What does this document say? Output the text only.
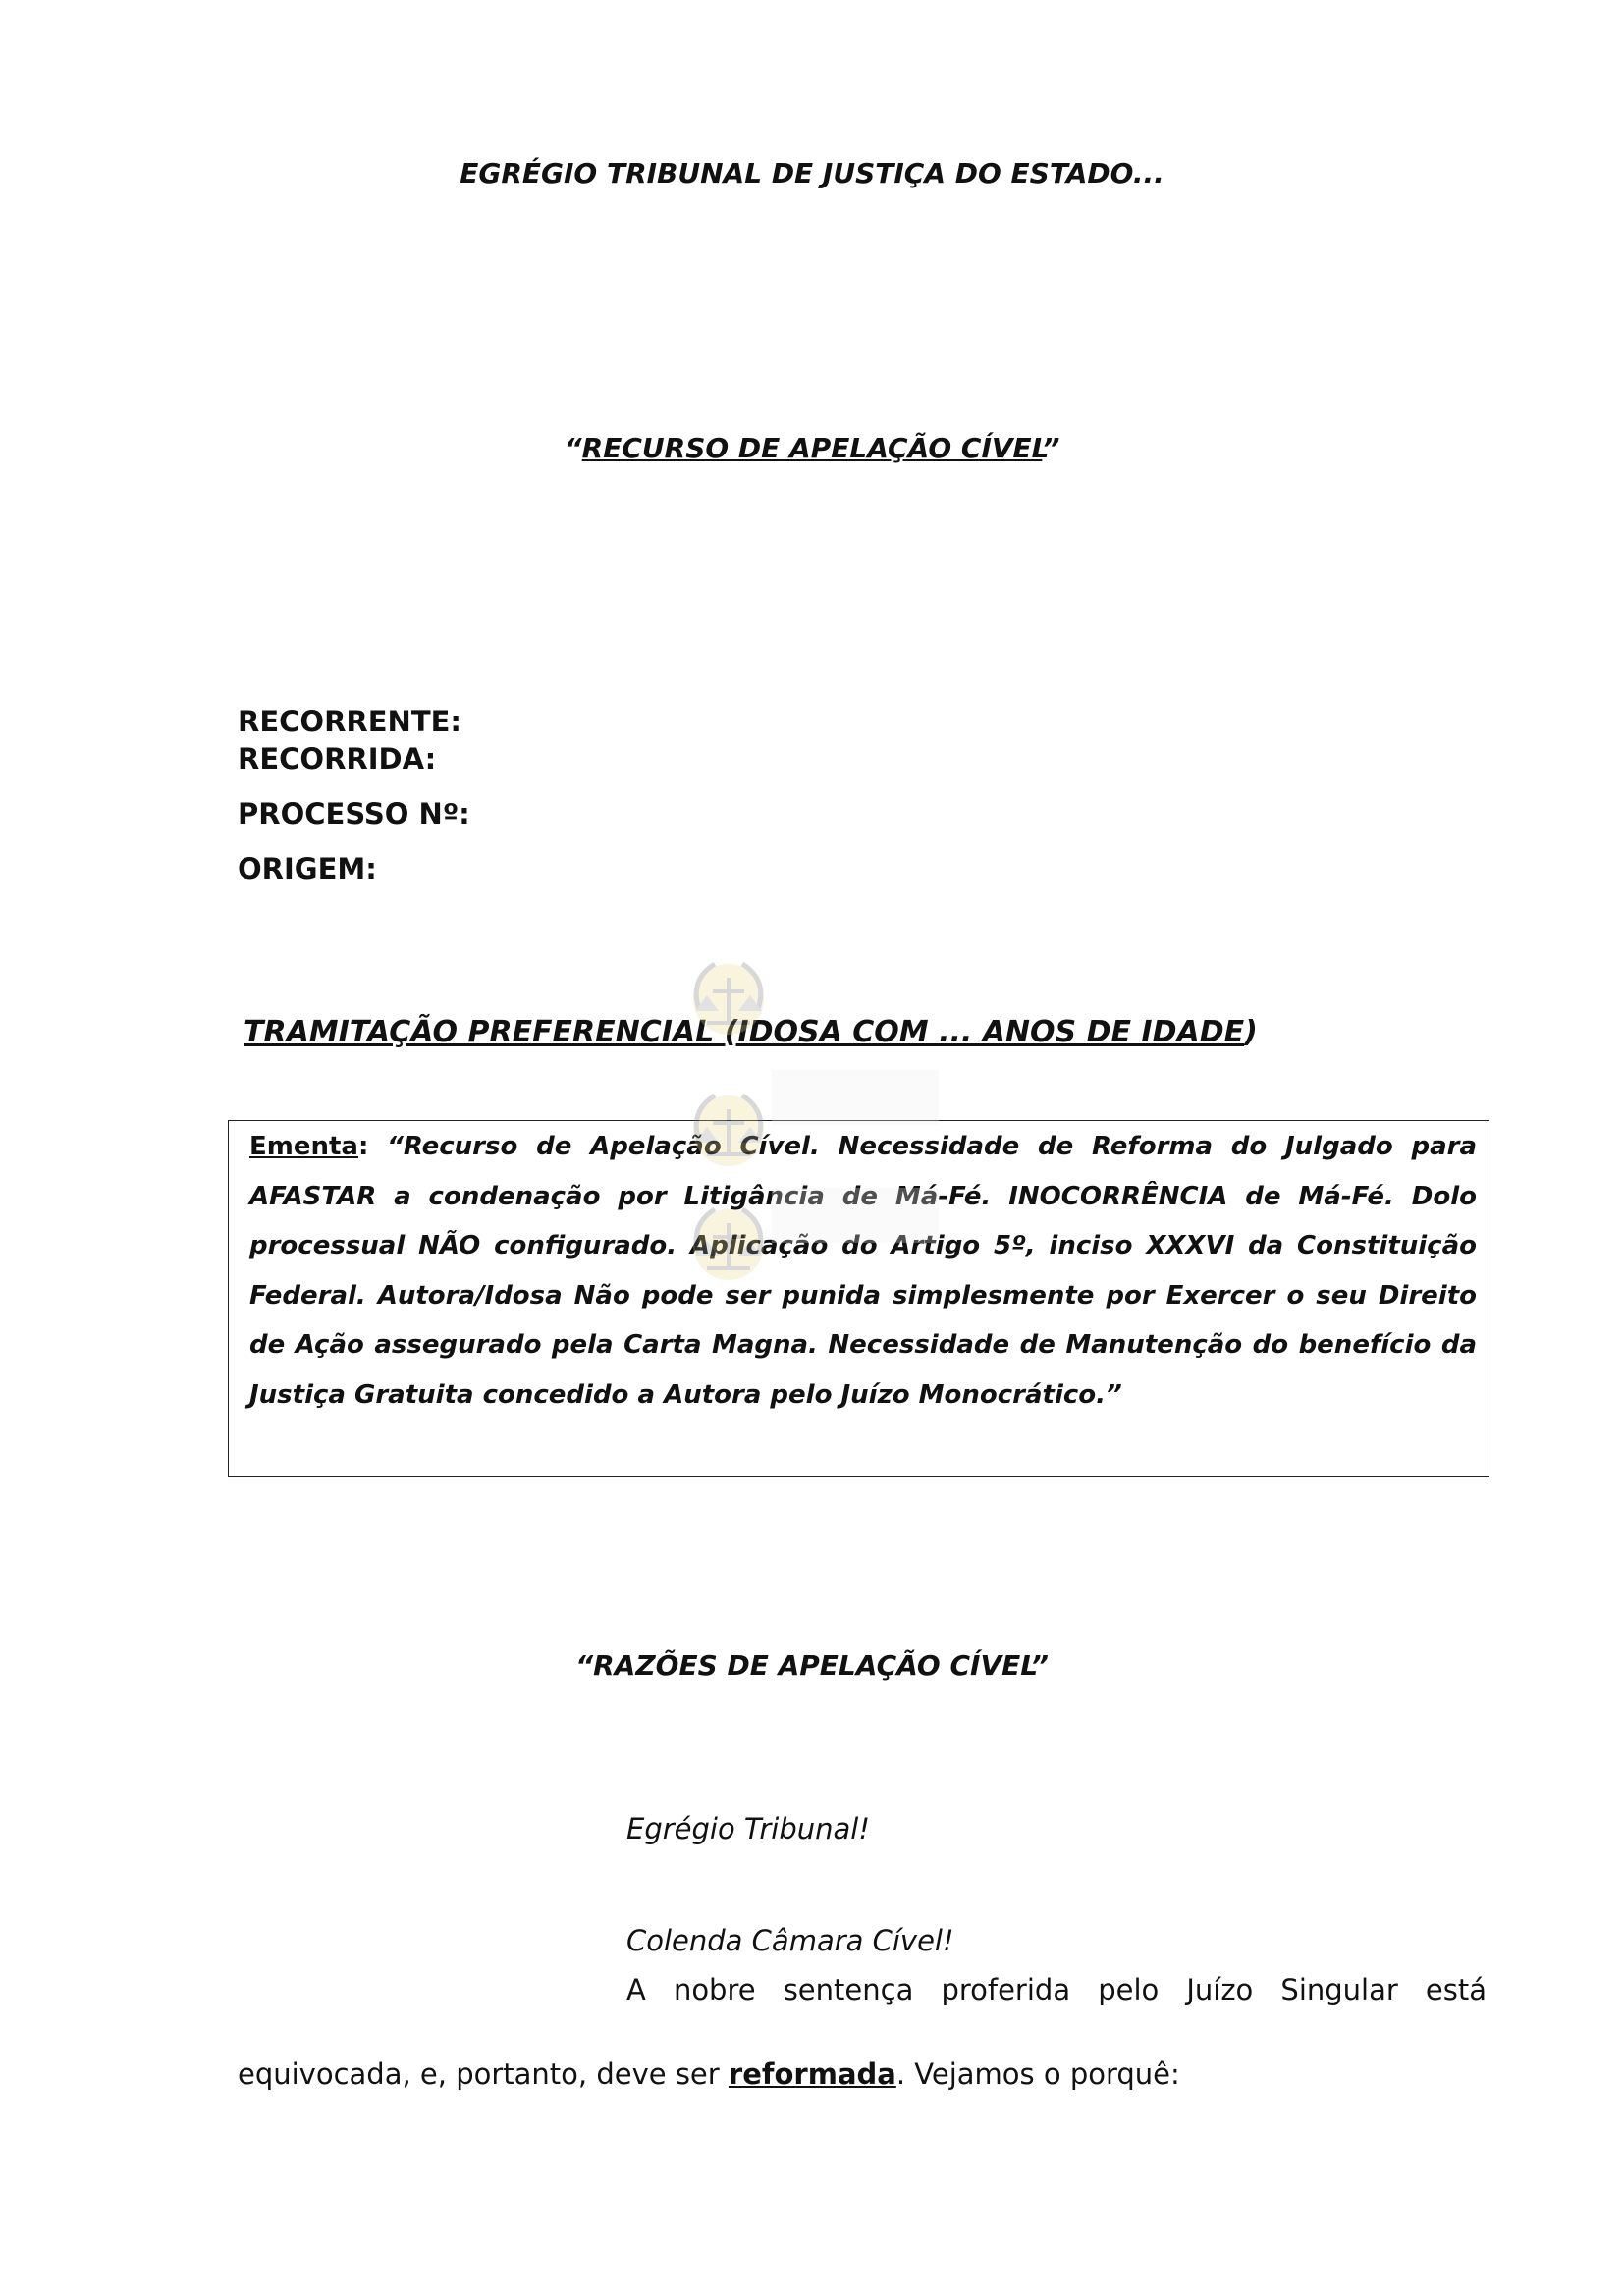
EGRÉGIO TRIBUNAL DE JUSTIÇA DO ESTADO...
“RECURSO DE APELAÇÃO CÍVEL”
RECORRENTE:
RECORRIDA:
PROCESSO Nº:
ORIGEM:
TRAMITAÇÃO PREFERENCIAL (IDOSA COM ... ANOS DE IDADE)
Ementa: “Recurso de Apelação Cível. Necessidade de Reforma do Julgado para AFASTAR a condenação por Litigância de Má-Fé. INOCORRÊNCIA de Má-Fé. Dolo processual NÃO configurado. Aplicação do Artigo 5º, inciso XXXVI da Constituição Federal. Autora/Idosa Não pode ser punida simplesmente por Exercer o seu Direito de Ação assegurado pela Carta Magna. Necessidade de Manutenção do benefício da Justiça Gratuita concedido a Autora pelo Juízo Monocrático.”
“RAZÕES DE APELAÇÃO CÍVEL”
Egrégio Tribunal!
Colenda Câmara Cível!
A nobre sentença proferida pelo Juízo Singular está
equivocada, e, portanto, deve ser reformada. Vejamos o porquê:
